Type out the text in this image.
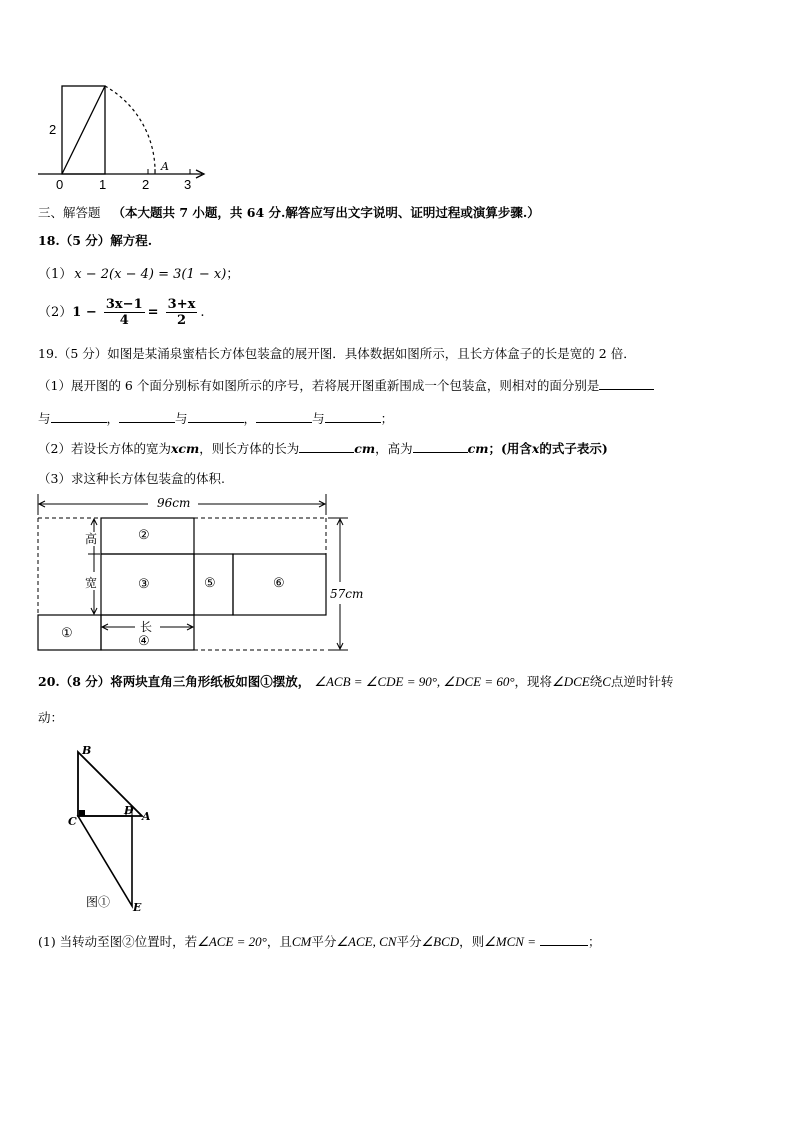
0	1	2	3
2
A
三、解答题 （本大题共 7 小题，共 64 分.解答应写出文字说明、证明过程或演算步骤.）
18.（5 分）解方程.
（1） x − 2(x − 4) = 3(1 − x)；
$(2)1 - \frac{3x-1}{4} = \frac{3+x}{2}$ .
19.（5 分）如图是某涌泉蜜桔长方体包装盒的展开图．具体数据如图所示，且长方体盒子的长是宽的 2 倍．
（1）展开图的 6 个面分别标有如图所示的序号，若将展开图重新围成一个包装盒，则相对的面分别是
与	，	与	，	与	；
（2）若设长方体的宽为xcm，则长方体的长为	cm，高为	cm；(用含x的式子表示)
（3）求这种长方体包装盒的体积.
96cm
57cm
高
宽
长
②
③	⑤	⑥
①
④
20.（8 分）将两块直角三角形纸板如图①摆放， ∠ACB = ∠CDE = 90°, ∠DCE = 60°，现将∠DCE绕C点逆时针转
动：
B
C
D A
E
图①
(1) 当转动至图②位置时，若∠ACE = 20°，且CM平分∠ACE, CN平分∠BCD，则∠MCN =	；
